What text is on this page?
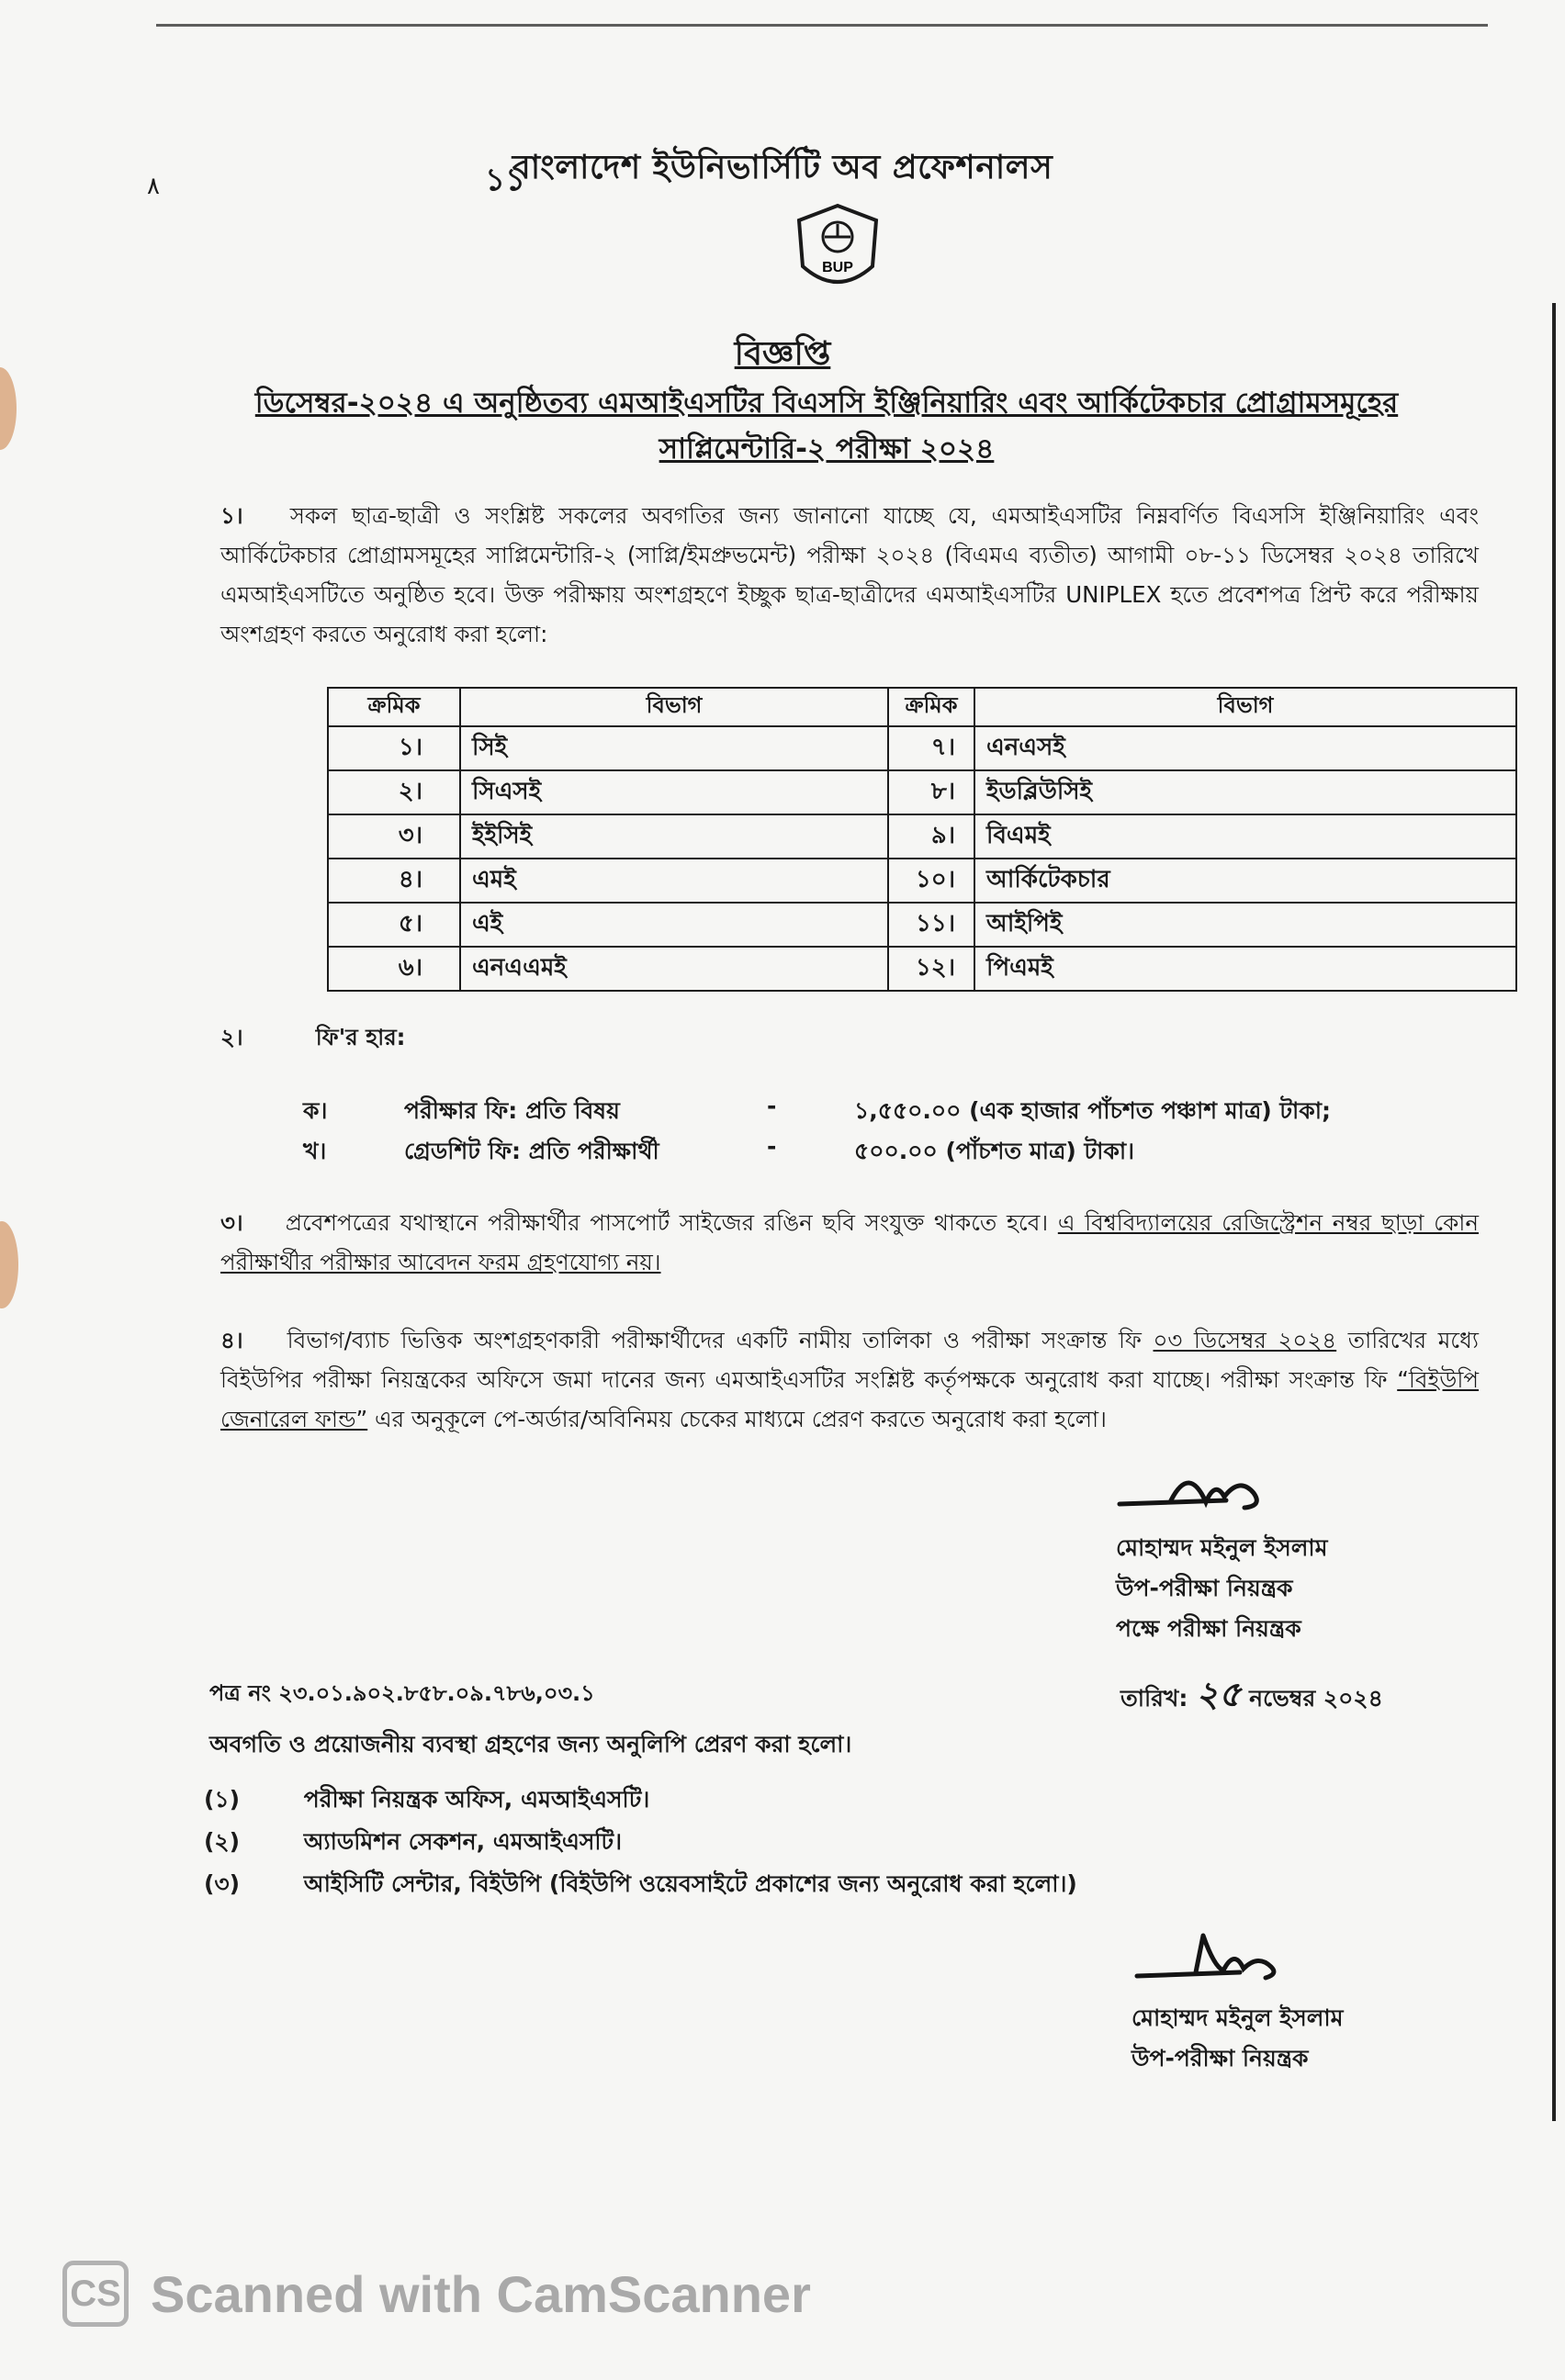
٨	১১
বাংলাদেশ ইউনিভার্সিটি অব প্রফেশনালস
BUP
বিজ্ঞপ্তি
ডিসেম্বর-২০২৪ এ অনুষ্ঠিতব্য এমআইএসটির বিএসসি ইঞ্জিনিয়ারিং এবং আর্কিটেকচার প্রোগ্রামসমূহের
সাপ্লিমেন্টারি-২ পরীক্ষা ২০২৪
১। সকল ছাত্র-ছাত্রী ও সংশ্লিষ্ট সকলের অবগতির জন্য জানানো যাচ্ছে যে, এমআইএসটির নিম্নবর্ণিত বিএসসি ইঞ্জিনিয়ারিং এবং আর্কিটেকচার প্রোগ্রামসমূহের সাপ্লিমেন্টারি-২ (সাপ্লি/ইমপ্রুভমেন্ট) পরীক্ষা ২০২৪ (বিএমএ ব্যতীত) আগামী ০৮-১১ ডিসেম্বর ২০২৪ তারিখে এমআইএসটিতে অনুষ্ঠিত হবে। উক্ত পরীক্ষায় অংশগ্রহণে ইচ্ছুক ছাত্র-ছাত্রীদের এমআইএসটির UNIPLEX হতে প্রবেশপত্র প্রিন্ট করে পরীক্ষায় অংশগ্রহণ করতে অনুরোধ করা হলো:
ক্রমিক	বিভাগ	ক্রমিক	বিভাগ
১।	সিই	৭।	এনএসই
২।	সিএসই	৮।	ইডব্লিউসিই
৩।	ইইসিই	৯।	বিএমই
৪।	এমই	১০।	আর্কিটেকচার
৫।	এই	১১।	আইপিই
৬।	এনএএমই	১২।	পিএমই
২।	ফি'র হার:
ক।	পরীক্ষার ফি: প্রতি বিষয়	-	১,৫৫০.০০ (এক হাজার পাঁচশত পঞ্চাশ মাত্র) টাকা;
খ।	গ্রেডশিট ফি: প্রতি পরীক্ষার্থী	-	৫০০.০০ (পাঁচশত মাত্র) টাকা।
৩। প্রবেশপত্রের যথাস্থানে পরীক্ষার্থীর পাসপোর্ট সাইজের রঙিন ছবি সংযুক্ত থাকতে হবে। এ বিশ্ববিদ্যালয়ের রেজিস্ট্রেশন নম্বর ছাড়া কোন পরীক্ষার্থীর পরীক্ষার আবেদন ফরম গ্রহণযোগ্য নয়।
৪। বিভাগ/ব্যাচ ভিত্তিক অংশগ্রহণকারী পরীক্ষার্থীদের একটি নামীয় তালিকা ও পরীক্ষা সংক্রান্ত ফি ০৩ ডিসেম্বর ২০২৪ তারিখের মধ্যে বিইউপির পরীক্ষা নিয়ন্ত্রকের অফিসে জমা দানের জন্য এমআইএসটির সংশ্লিষ্ট কর্তৃপক্ষকে অনুরোধ করা যাচ্ছে। পরীক্ষা সংক্রান্ত ফি “বিইউপি জেনারেল ফান্ড” এর অনুকূলে পে-অর্ডার/অবিনিময় চেকের মাধ্যমে প্রেরণ করতে অনুরোধ করা হলো।
মোহাম্মদ মইনুল ইসলাম
উপ-পরীক্ষা নিয়ন্ত্রক
পক্ষে পরীক্ষা নিয়ন্ত্রক
পত্র নং ২৩.০১.৯০২.৮৫৮.০৯.৭৮৬,০৩.১	তারিখ: ২৫ নভেম্বর ২০২৪
অবগতি ও প্রয়োজনীয় ব্যবস্থা গ্রহণের জন্য অনুলিপি প্রেরণ করা হলো।
(১)	পরীক্ষা নিয়ন্ত্রক অফিস, এমআইএসটি।
(২)	অ্যাডমিশন সেকশন, এমআইএসটি।
(৩)	আইসিটি সেন্টার, বিইউপি (বিইউপি ওয়েবসাইটে প্রকাশের জন্য অনুরোধ করা হলো।)
মোহাম্মদ মইনুল ইসলাম
উপ-পরীক্ষা নিয়ন্ত্রক
CS Scanned with CamScanner
